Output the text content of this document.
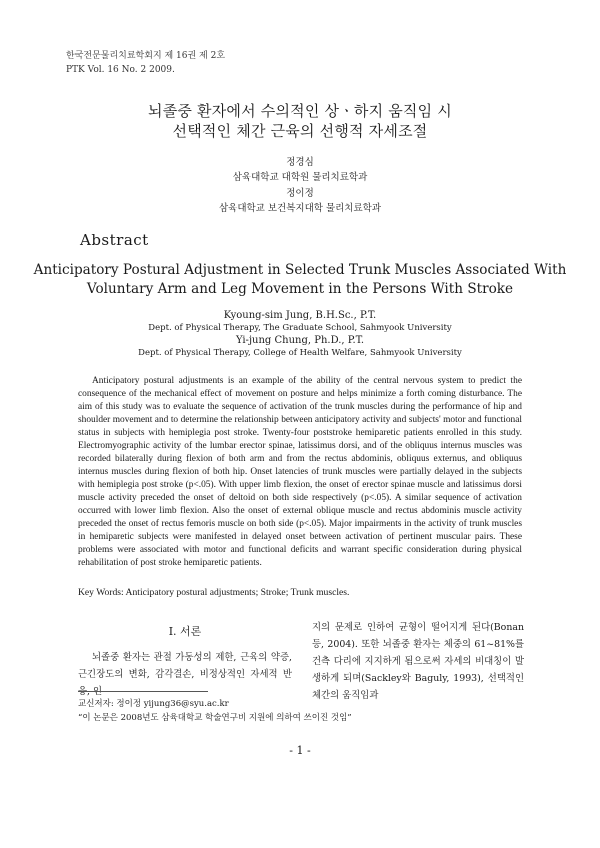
한국전문물리치료학회지 제 16권 제 2호
PTK Vol. 16 No. 2 2009.
뇌졸중 환자에서 수의적인 상ㆍ하지 움직임 시
선택적인 체간 근육의 선행적 자세조절
정경심
삼육대학교 대학원 물리치료학과
정이정
삼육대학교 보건복지대학 물리치료학과
Abstract
Anticipatory Postural Adjustment in Selected Trunk Muscles Associated With
Voluntary Arm and Leg Movement in the Persons With Stroke
Kyoung-sim Jung, B.H.Sc., P.T.
Dept. of Physical Therapy, The Graduate School, Sahmyook University
Yi-jung Chung, Ph.D., P.T.
Dept. of Physical Therapy, College of Health Welfare, Sahmyook University
Anticipatory postural adjustments is an example of the ability of the central nervous system to predict the consequence of the mechanical effect of movement on posture and helps minimize a forth coming disturbance. The aim of this study was to evaluate the sequence of activation of the trunk muscles during the performance of hip and shoulder movement and to determine the relationship between anticipatory activity and subjects' motor and functional status in subjects with hemiplegia post stroke. Twenty-four poststroke hemiparetic patients enrolled in this study. Electromyographic activity of the lumbar erector spinae, latissimus dorsi, and of the obliquus internus muscles was recorded bilaterally during flexion of both arm and from the rectus abdominis, obliquus externus, and obliquus internus muscles during flexion of both hip. Onset latencies of trunk muscles were partially delayed in the subjects with hemiplegia post stroke (p<.05). With upper limb flexion, the onset of erector spinae muscle and latissimus dorsi muscle activity preceded the onset of deltoid on both side respectively (p<.05). A similar sequence of activation occurred with lower limb flexion. Also the onset of external oblique muscle and rectus abdominis muscle activity preceded the onset of rectus femoris muscle on both side (p<.05). Major impairments in the activity of trunk muscles in hemiparetic subjects were manifested in delayed onset between activation of pertinent muscular pairs. These problems were associated with motor and functional deficits and warrant specific consideration during physical rehabilitation of post stroke hemiparetic patients.
Key Words: Anticipatory postural adjustments; Stroke; Trunk muscles.
Ⅰ. 서론
뇌졸중 환자는 관절 가동성의 제한, 근육의 약증, 근긴장도의 변화, 감각결손, 비정상적인 자세적 반응, 인
지의 문제로 인하여 균형이 떨어지게 된다(Bonan 등, 2004). 또한 뇌졸중 환자는 체중의 61~81%를 건측 다리에 지지하게 됨으로써 자세의 비대칭이 발생하게 되며(Sackley와 Baguly, 1993), 선택적인 체간의 움직임과
교신저자: 정이정 yijung36@syu.ac.kr
“이 논문은 2008년도 삼육대학교 학술연구비 지원에 의하여 쓰이진 것임”
- 1 -
